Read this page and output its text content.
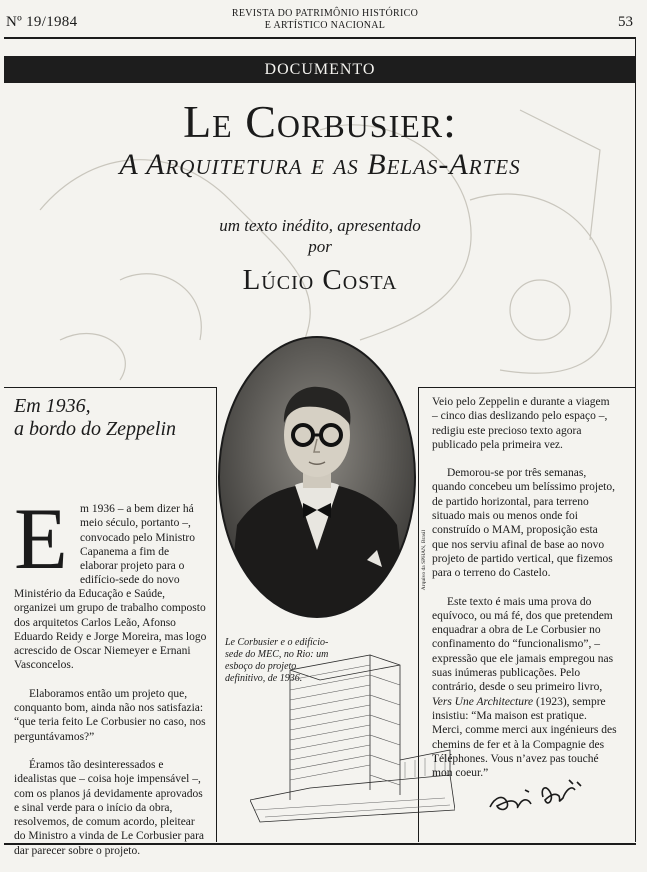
Nº 19/1984
REVISTA DO PATRIMÔNIO HISTÓRICO
E ARTÍSTICO NACIONAL	53
DOCUMENTO
Le Corbusier:
A Arquitetura e as Belas-Artes
um texto inédito, apresentado
por
Lúcio Costa
Arquivo da SPHAN, Brasil
Em 1936,
a bordo do Zeppelin
E m 1936 – a bem dizer há meio século, portanto –, convocado pelo Ministro Capanema a fim de elaborar projeto para o edifício-sede do novo

Ministério da Educação e Saúde, organizei um grupo de trabalho composto dos arquitetos Carlos Leão, Afonso Eduardo Reidy e Jorge Moreira, mas logo acrescido de Oscar Niemeyer e Ernani Vasconcelos.

Elaboramos então um projeto que, conquanto bom, ainda não nos satisfazia: “que teria feito Le Corbusier no caso, nos perguntávamos?”

Éramos tão desinteressados e idealistas que – coisa hoje impensável –, com os planos já devidamente aprovados e sinal verde para o início da obra, resolvemos, de comum acordo, pleitear do Ministro a vinda de Le Corbusier para dar parecer sobre o projeto.

Le Corbusier e o edifício-sede do MEC, no Rio: um esboço do projeto definitivo, de 1936.

Veio pelo Zeppelin e durante a viagem – cinco dias deslizando pelo espaço –, redigiu este precioso texto agora publicado pela primeira vez.

Demorou-se por três semanas, quando concebeu um belíssimo projeto, de partido horizontal, para terreno situado mais ou menos onde foi construído o MAM, proposição esta que nos serviu afinal de base ao novo projeto de partido vertical, que fizemos para o terreno do Castelo.

Este texto é mais uma prova do equívoco, ou má fé, dos que pretendem enquadrar a obra de Le Corbusier no confinamento do “funcionalismo”, – expressão que ele jamais empregou nas suas inúmeras publicações. Pelo contrário, desde o seu primeiro livro, Vers Une Architecture (1923), sempre insistiu: “Ma maison est pratique. Merci, comme merci aux ingénieurs des chemins de fer et à la Compagnie des Téléphones. Vous n’avez pas touché mon coeur.”
